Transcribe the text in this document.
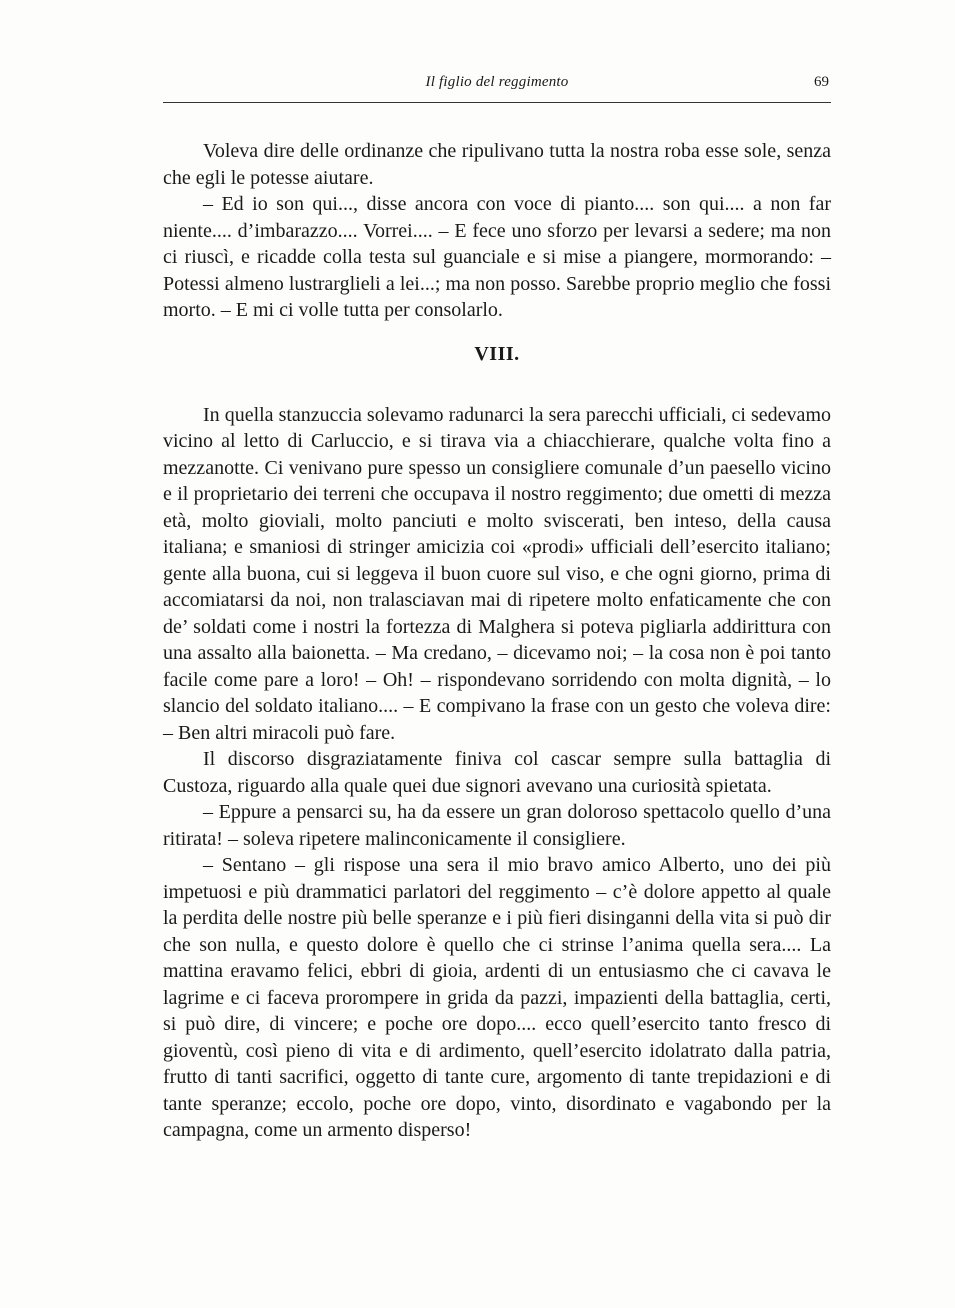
Il figlio del reggimento	69

Voleva dire delle ordinanze che ripulivano tutta la nostra roba esse sole, senza che egli le potesse aiutare.

– Ed io son qui..., disse ancora con voce di pianto.... son qui.... a non far niente.... d’imbarazzo.... Vorrei.... – E fece uno sforzo per levarsi a sedere; ma non ci riuscì, e ricadde colla testa sul guanciale e si mise a piangere, mormorando: – Potessi almeno lustrarglieli a lei...; ma non posso. Sarebbe proprio meglio che fossi morto. – E mi ci volle tutta per consolarlo.

VIII.

In quella stanzuccia solevamo radunarci la sera parecchi ufficiali, ci sedevamo vicino al letto di Carluccio, e si tirava via a chiacchierare, qualche volta fino a mezzanotte. Ci venivano pure spesso un consigliere comunale d’un paesello vicino e il proprietario dei terreni che occupava il nostro reggimento; due ometti di mezza età, molto gioviali, molto panciuti e molto sviscerati, ben inteso, della causa italiana; e smaniosi di stringer amicizia coi «prodi» ufficiali dell’esercito italiano; gente alla buona, cui si leggeva il buon cuore sul viso, e che ogni giorno, prima di accomiatarsi da noi, non tralasciavan mai di ripetere molto enfaticamente che con de’ soldati come i nostri la fortezza di Malghera si poteva pigliarla addirittura con una assalto alla baionetta. – Ma credano, – dicevamo noi; – la cosa non è poi tanto facile come pare a loro! – Oh! – rispondevano sorridendo con molta dignità, – lo slancio del soldato italiano.... – E compivano la frase con un gesto che voleva dire: – Ben altri miracoli può fare.

Il discorso disgraziatamente finiva col cascar sempre sulla battaglia di Custoza, riguardo alla quale quei due signori avevano una curiosità spietata.

– Eppure a pensarci su, ha da essere un gran doloroso spettacolo quello d’una ritirata! – soleva ripetere malinconicamente il consigliere.

– Sentano – gli rispose una sera il mio bravo amico Alberto, uno dei più impetuosi e più drammatici parlatori del reggimento – c’è dolore appetto al quale la perdita delle nostre più belle speranze e i più fieri disinganni della vita si può dir che son nulla, e questo dolore è quello che ci strinse l’anima quella sera.... La mattina eravamo felici, ebbri di gioia, ardenti di un entusiasmo che ci cavava le lagrime e ci faceva prorompere in grida da pazzi, impazienti della battaglia, certi, si può dire, di vincere; e poche ore dopo.... ecco quell’esercito tanto fresco di gioventù, così pieno di vita e di ardimento, quell’esercito idolatrato dalla patria, frutto di tanti sacrifici, oggetto di tante cure, argomento di tante trepidazioni e di tante speranze; eccolo, poche ore dopo, vinto, disordinato e vagabondo per la campagna, come un armento disperso!
